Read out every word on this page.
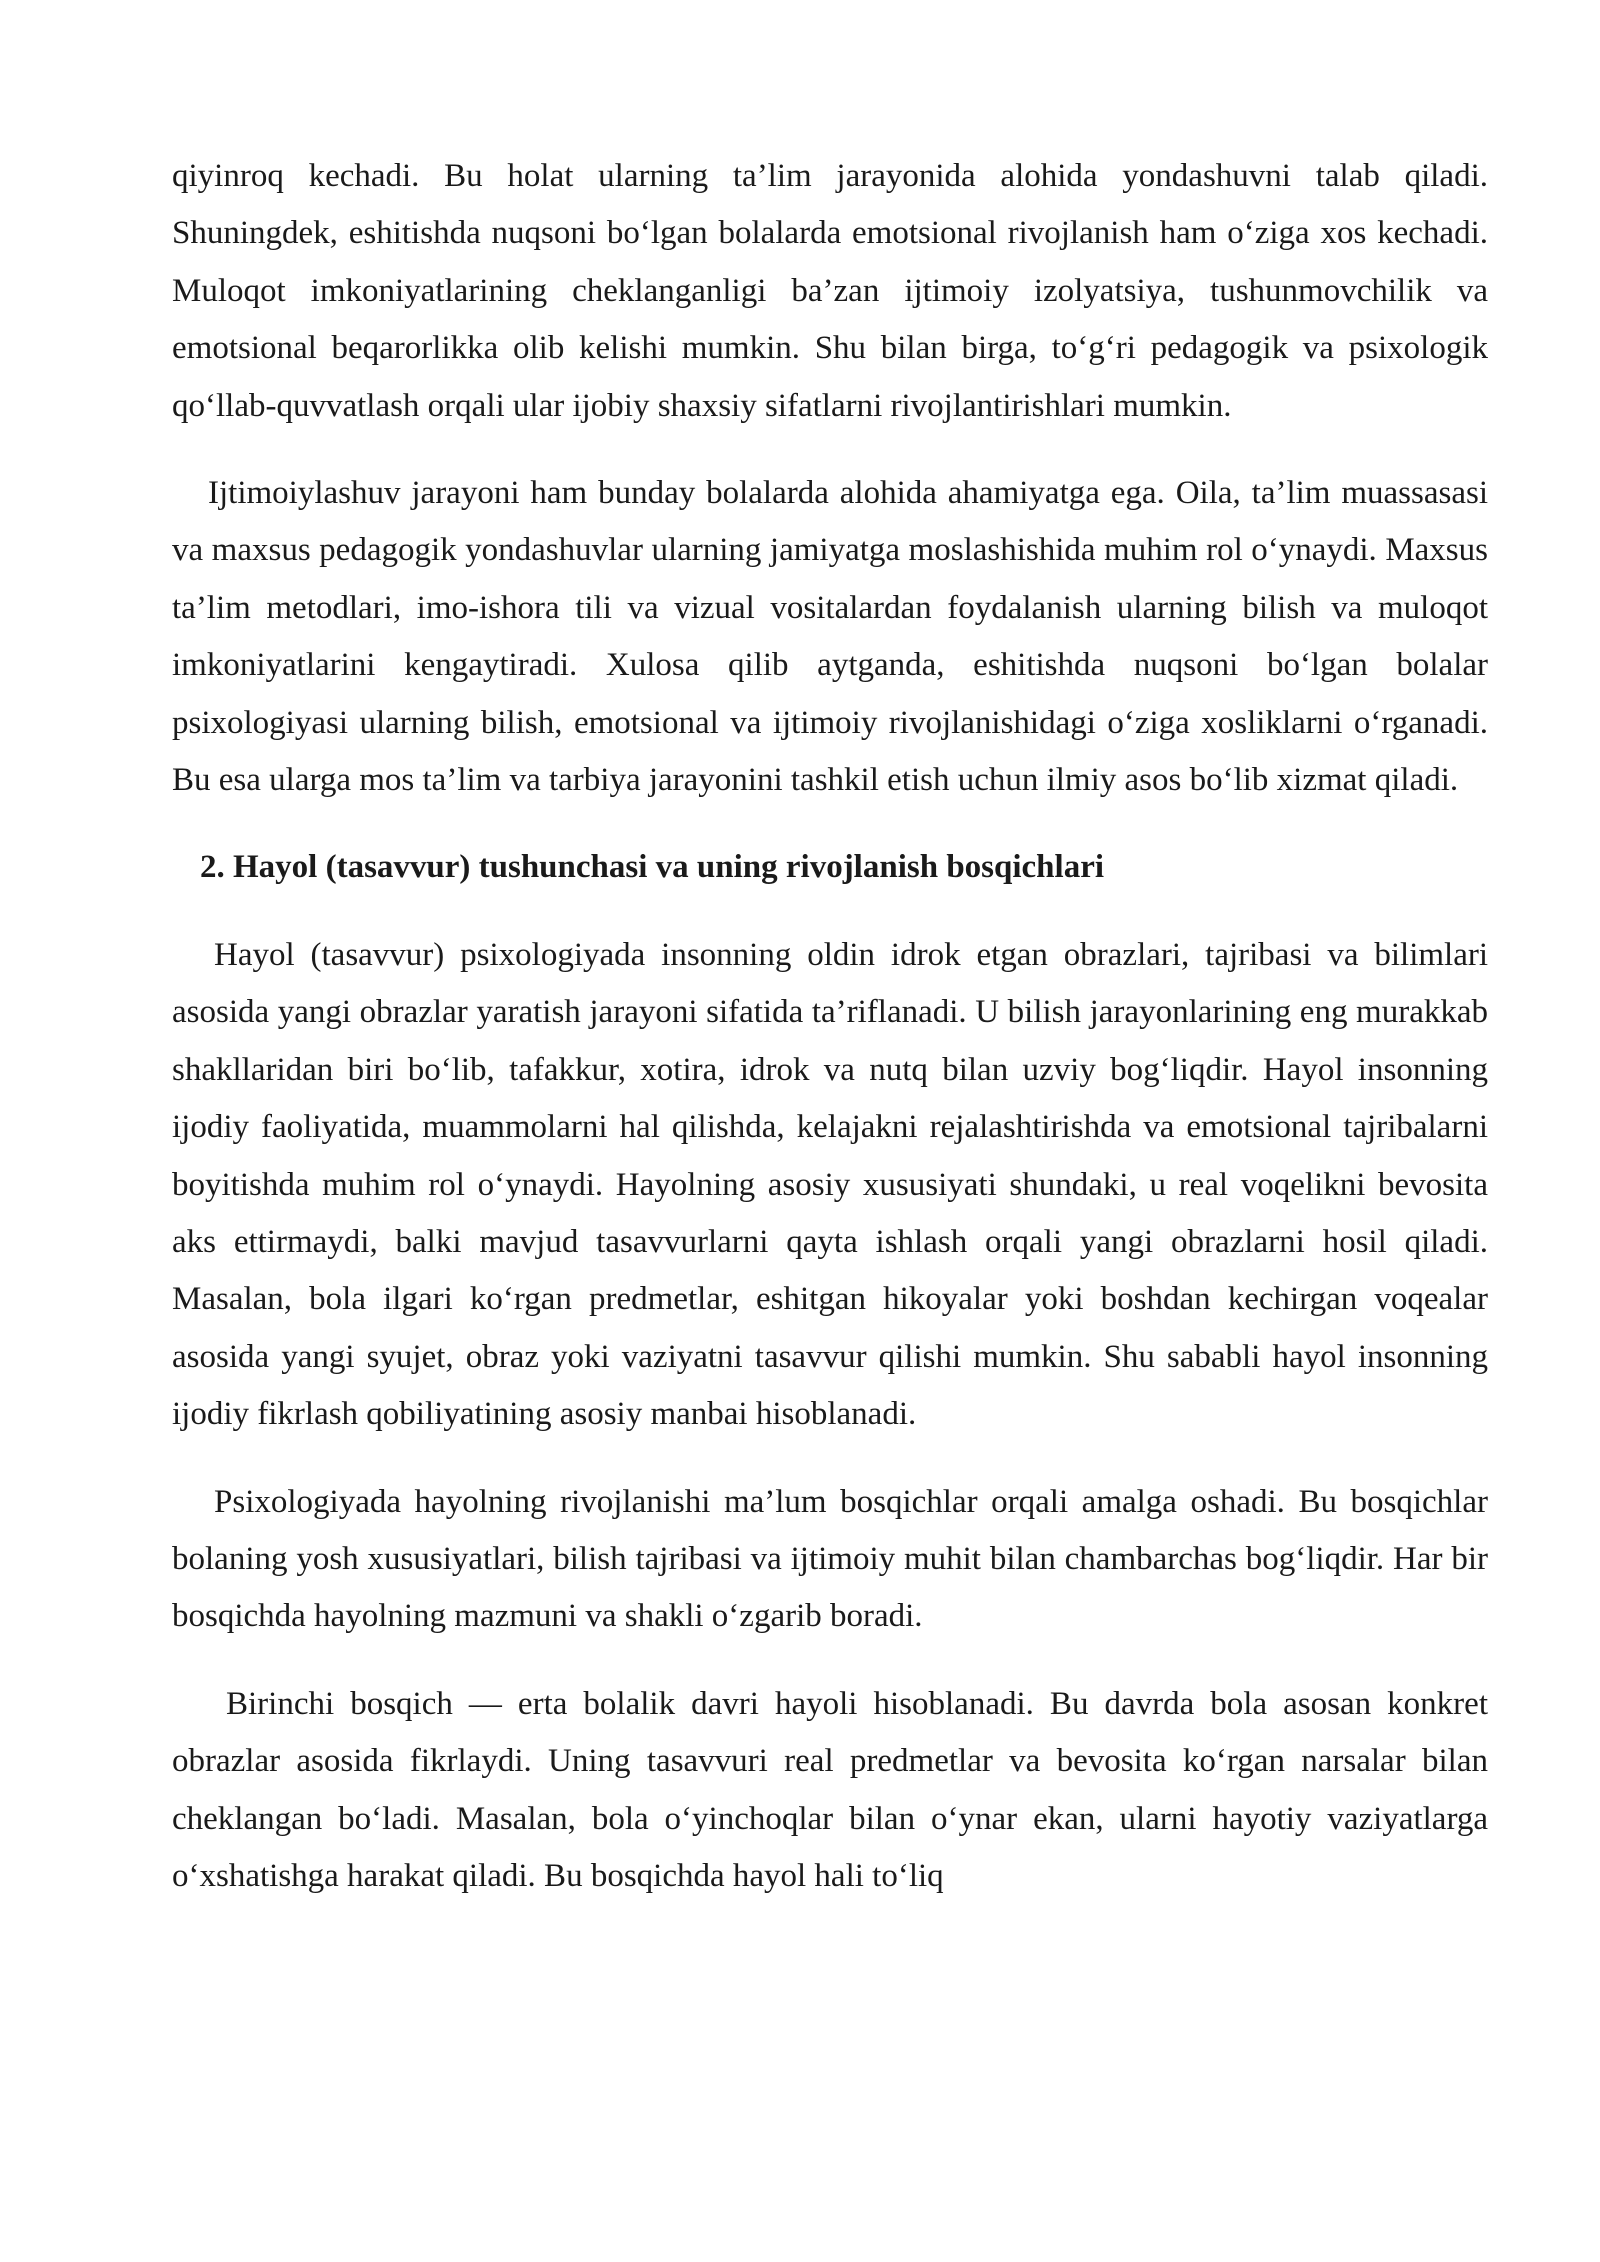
qiyinroq kechadi. Bu holat ularning ta’lim jarayonida alohida yondashuvni talab qiladi. Shuningdek, eshitishda nuqsoni bo‘lgan bolalarda emotsional rivojlanish ham o‘ziga xos kechadi. Muloqot imkoniyatlarining cheklanganligi ba’zan ijtimoiy izolyatsiya, tushunmovchilik va emotsional beqarorlikka olib kelishi mumkin. Shu bilan birga, to‘g‘ri pedagogik va psixologik qo‘llab-quvvatlash orqali ular ijobiy shaxsiy sifatlarni rivojlantirishlari mumkin.

Ijtimoiylashuv jarayoni ham bunday bolalarda alohida ahamiyatga ega. Oila, ta’lim muassasasi va maxsus pedagogik yondashuvlar ularning jamiyatga moslashishida muhim rol o‘ynaydi. Maxsus ta’lim metodlari, imo-ishora tili va vizual vositalardan foydalanish ularning bilish va muloqot imkoniyatlarini kengaytiradi. Xulosa qilib aytganda, eshitishda nuqsoni bo‘lgan bolalar psixologiyasi ularning bilish, emotsional va ijtimoiy rivojlanishidagi o‘ziga xosliklarni o‘rganadi. Bu esa ularga mos ta’lim va tarbiya jarayonini tashkil etish uchun ilmiy asos bo‘lib xizmat qiladi.

2. Hayol (tasavvur) tushunchasi va uning rivojlanish bosqichlari

Hayol (tasavvur) psixologiyada insonning oldin idrok etgan obrazlari, tajribasi va bilimlari asosida yangi obrazlar yaratish jarayoni sifatida ta’riflanadi. U bilish jarayonlarining eng murakkab shakllaridan biri bo‘lib, tafakkur, xotira, idrok va nutq bilan uzviy bog‘liqdir. Hayol insonning ijodiy faoliyatida, muammolarni hal qilishda, kelajakni rejalashtirishda va emotsional tajribalarni boyitishda muhim rol o‘ynaydi. Hayolning asosiy xususiyati shundaki, u real voqelikni bevosita aks ettirmaydi, balki mavjud tasavvurlarni qayta ishlash orqali yangi obrazlarni hosil qiladi. Masalan, bola ilgari ko‘rgan predmetlar, eshitgan hikoyalar yoki boshdan kechirgan voqealar asosida yangi syujet, obraz yoki vaziyatni tasavvur qilishi mumkin. Shu sababli hayol insonning ijodiy fikrlash qobiliyatining asosiy manbai hisoblanadi.

Psixologiyada hayolning rivojlanishi ma’lum bosqichlar orqali amalga oshadi. Bu bosqichlar bolaning yosh xususiyatlari, bilish tajribasi va ijtimoiy muhit bilan chambarchas bog‘liqdir. Har bir bosqichda hayolning mazmuni va shakli o‘zgarib boradi.

Birinchi bosqich — erta bolalik davri hayoli hisoblanadi. Bu davrda bola asosan konkret obrazlar asosida fikrlaydi. Uning tasavvuri real predmetlar va bevosita ko‘rgan narsalar bilan cheklangan bo‘ladi. Masalan, bola o‘yinchoqlar bilan o‘ynar ekan, ularni hayotiy vaziyatlarga o‘xshatishga harakat qiladi. Bu bosqichda hayol hali to‘liq
